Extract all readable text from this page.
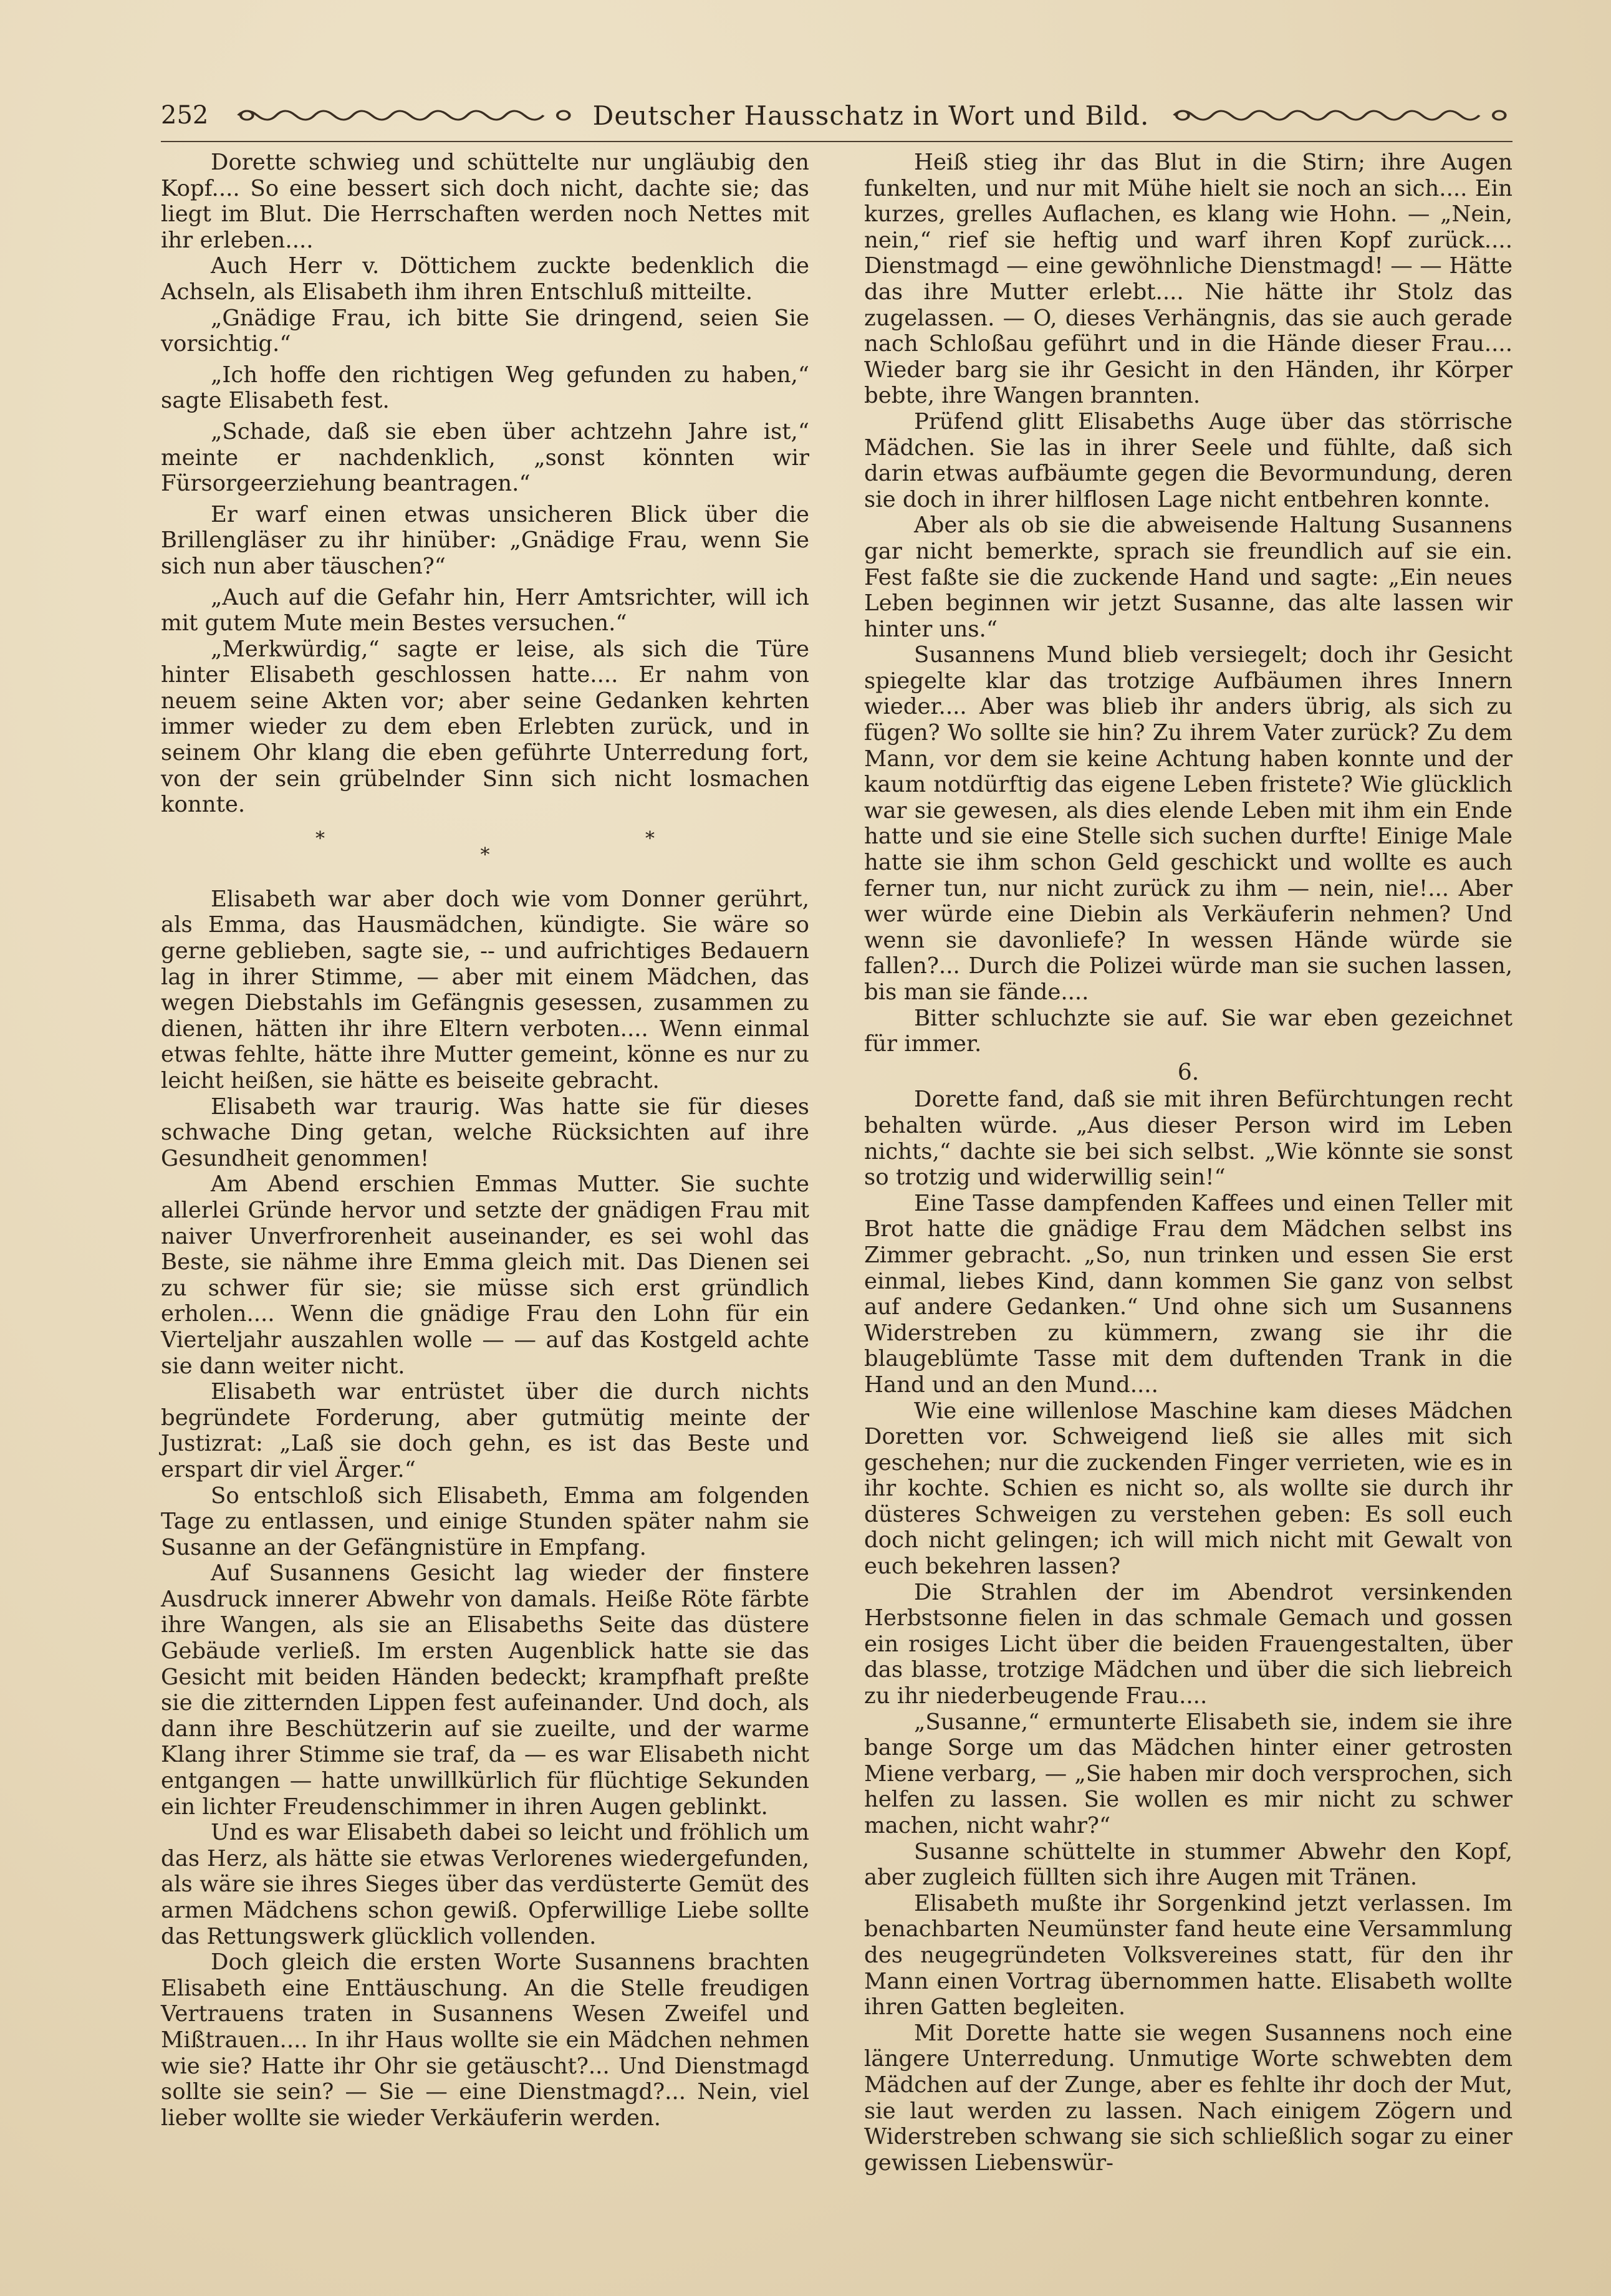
252	Deutscher Hausschatz in Wort und Bild.

Dorette schwieg und schüttelte nur ungläubig den Kopf.... So eine bessert sich doch nicht, dachte sie; das liegt im Blut. Die Herrschaften werden noch Nettes mit ihr erleben....

Auch Herr v. Döttichem zuckte bedenklich die Achseln, als Elisabeth ihm ihren Entschluß mitteilte.

„Gnädige Frau, ich bitte Sie dringend, seien Sie vorsichtig.“

„Ich hoffe den richtigen Weg gefunden zu haben,“ sagte Elisabeth fest.

„Schade, daß sie eben über achtzehn Jahre ist,“ meinte er nachdenklich, „sonst könnten wir Fürsorgeerziehung beantragen.“

Er warf einen etwas unsicheren Blick über die Brillengläser zu ihr hinüber: „Gnädige Frau, wenn Sie sich nun aber täuschen?“

„Auch auf die Gefahr hin, Herr Amtsrichter, will ich mit gutem Mute mein Bestes versuchen.“

„Merkwürdig,“ sagte er leise, als sich die Türe hinter Elisabeth geschlossen hatte.... Er nahm von neuem seine Akten vor; aber seine Gedanken kehrten immer wieder zu dem eben Erlebten zurück, und in seinem Ohr klang die eben geführte Unterredung fort, von der sein grübelnder Sinn sich nicht losmachen konnte.

* * *

Elisabeth war aber doch wie vom Donner gerührt, als Emma, das Hausmädchen, kündigte. Sie wäre so gerne geblieben, sagte sie, -- und aufrichtiges Bedauern lag in ihrer Stimme, — aber mit einem Mädchen, das wegen Diebstahls im Gefängnis gesessen, zusammen zu dienen, hätten ihr ihre Eltern verboten.... Wenn einmal etwas fehlte, hätte ihre Mutter gemeint, könne es nur zu leicht heißen, sie hätte es beiseite gebracht.

Elisabeth war traurig. Was hatte sie für dieses schwache Ding getan, welche Rücksichten auf ihre Gesundheit genommen!

Am Abend erschien Emmas Mutter. Sie suchte allerlei Gründe hervor und setzte der gnädigen Frau mit naiver Unverfrorenheit auseinander, es sei wohl das Beste, sie nähme ihre Emma gleich mit. Das Dienen sei zu schwer für sie; sie müsse sich erst gründlich erholen.... Wenn die gnädige Frau den Lohn für ein Vierteljahr auszahlen wolle — — auf das Kostgeld achte sie dann weiter nicht.

Elisabeth war entrüstet über die durch nichts begründete Forderung, aber gutmütig meinte der Justizrat: „Laß sie doch gehn, es ist das Beste und erspart dir viel Ärger.“

So entschloß sich Elisabeth, Emma am folgenden Tage zu entlassen, und einige Stunden später nahm sie Susanne an der Gefängnistüre in Empfang.

Auf Susannens Gesicht lag wieder der finstere Ausdruck innerer Abwehr von damals. Heiße Röte färbte ihre Wangen, als sie an Elisabeths Seite das düstere Gebäude verließ. Im ersten Augenblick hatte sie das Gesicht mit beiden Händen bedeckt; krampfhaft preßte sie die zitternden Lippen fest aufeinander. Und doch, als dann ihre Beschützerin auf sie zueilte, und der warme Klang ihrer Stimme sie traf, da — es war Elisabeth nicht entgangen — hatte unwillkürlich für flüchtige Sekunden ein lichter Freudenschimmer in ihren Augen geblinkt.

Und es war Elisabeth dabei so leicht und fröhlich um das Herz, als hätte sie etwas Verlorenes wiedergefunden, als wäre sie ihres Sieges über das verdüsterte Gemüt des armen Mädchens schon gewiß. Opferwillige Liebe sollte das Rettungswerk glücklich vollenden.

Doch gleich die ersten Worte Susannens brachten Elisabeth eine Enttäuschung. An die Stelle freudigen Vertrauens traten in Susannens Wesen Zweifel und Mißtrauen.... In ihr Haus wollte sie ein Mädchen nehmen wie sie? Hatte ihr Ohr sie getäuscht?... Und Dienstmagd sollte sie sein? — Sie — eine Dienstmagd?... Nein, viel lieber wollte sie wieder Verkäuferin werden.

Heiß stieg ihr das Blut in die Stirn; ihre Augen funkelten, und nur mit Mühe hielt sie noch an sich.... Ein kurzes, grelles Auflachen, es klang wie Hohn. — „Nein, nein,“ rief sie heftig und warf ihren Kopf zurück.... Dienstmagd — eine gewöhnliche Dienstmagd! — — Hätte das ihre Mutter erlebt.... Nie hätte ihr Stolz das zugelassen. — O, dieses Verhängnis, das sie auch gerade nach Schloßau geführt und in die Hände dieser Frau.... Wieder barg sie ihr Gesicht in den Händen, ihr Körper bebte, ihre Wangen brannten.

Prüfend glitt Elisabeths Auge über das störrische Mädchen. Sie las in ihrer Seele und fühlte, daß sich darin etwas aufbäumte gegen die Bevormundung, deren sie doch in ihrer hilflosen Lage nicht entbehren konnte.

Aber als ob sie die abweisende Haltung Susannens gar nicht bemerkte, sprach sie freundlich auf sie ein. Fest faßte sie die zuckende Hand und sagte: „Ein neues Leben beginnen wir jetzt Susanne, das alte lassen wir hinter uns.“

Susannens Mund blieb versiegelt; doch ihr Gesicht spiegelte klar das trotzige Aufbäumen ihres Innern wieder.... Aber was blieb ihr anders übrig, als sich zu fügen? Wo sollte sie hin? Zu ihrem Vater zurück? Zu dem Mann, vor dem sie keine Achtung haben konnte und der kaum notdürftig das eigene Leben fristete? Wie glücklich war sie gewesen, als dies elende Leben mit ihm ein Ende hatte und sie eine Stelle sich suchen durfte! Einige Male hatte sie ihm schon Geld geschickt und wollte es auch ferner tun, nur nicht zurück zu ihm — nein, nie!... Aber wer würde eine Diebin als Verkäuferin nehmen? Und wenn sie davonliefe? In wessen Hände würde sie fallen?... Durch die Polizei würde man sie suchen lassen, bis man sie fände....

Bitter schluchzte sie auf. Sie war eben gezeichnet für immer.

6.

Dorette fand, daß sie mit ihren Befürchtungen recht behalten würde. „Aus dieser Person wird im Leben nichts,“ dachte sie bei sich selbst. „Wie könnte sie sonst so trotzig und widerwillig sein!“

Eine Tasse dampfenden Kaffees und einen Teller mit Brot hatte die gnädige Frau dem Mädchen selbst ins Zimmer gebracht. „So, nun trinken und essen Sie erst einmal, liebes Kind, dann kommen Sie ganz von selbst auf andere Gedanken.“ Und ohne sich um Susannens Widerstreben zu kümmern, zwang sie ihr die blaugeblümte Tasse mit dem duftenden Trank in die Hand und an den Mund....

Wie eine willenlose Maschine kam dieses Mädchen Doretten vor. Schweigend ließ sie alles mit sich geschehen; nur die zuckenden Finger verrieten, wie es in ihr kochte. Schien es nicht so, als wollte sie durch ihr düsteres Schweigen zu verstehen geben: Es soll euch doch nicht gelingen; ich will mich nicht mit Gewalt von euch bekehren lassen?

Die Strahlen der im Abendrot versinkenden Herbstsonne fielen in das schmale Gemach und gossen ein rosiges Licht über die beiden Frauengestalten, über das blasse, trotzige Mädchen und über die sich liebreich zu ihr niederbeugende Frau....

„Susanne,“ ermunterte Elisabeth sie, indem sie ihre bange Sorge um das Mädchen hinter einer getrosten Miene verbarg, — „Sie haben mir doch versprochen, sich helfen zu lassen. Sie wollen es mir nicht zu schwer machen, nicht wahr?“

Susanne schüttelte in stummer Abwehr den Kopf, aber zugleich füllten sich ihre Augen mit Tränen.

Elisabeth mußte ihr Sorgenkind jetzt verlassen. Im benachbarten Neumünster fand heute eine Versammlung des neugegründeten Volksvereines statt, für den ihr Mann einen Vortrag übernommen hatte. Elisabeth wollte ihren Gatten begleiten.

Mit Dorette hatte sie wegen Susannens noch eine längere Unterredung. Unmutige Worte schwebten dem Mädchen auf der Zunge, aber es fehlte ihr doch der Mut, sie laut werden zu lassen. Nach einigem Zögern und Widerstreben schwang sie sich schließlich sogar zu einer gewissen Liebenswür-
